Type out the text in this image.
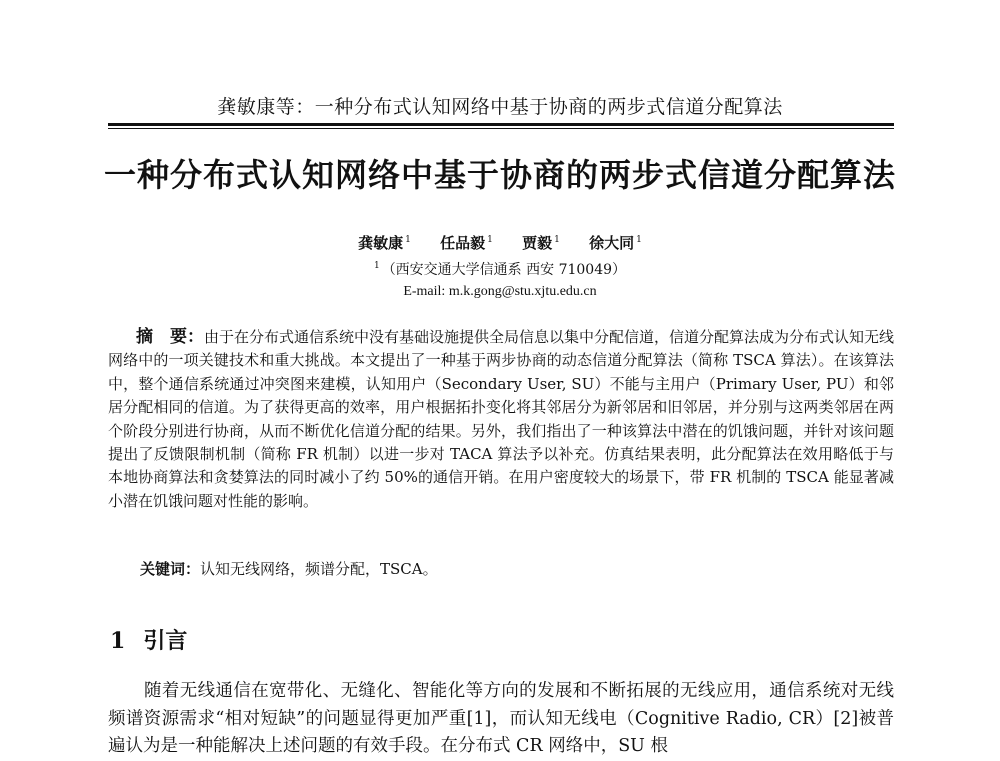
龚敏康等：一种分布式认知网络中基于协商的两步式信道分配算法
一种分布式认知网络中基于协商的两步式信道分配算法
龚敏康 $^1$ 任品毅 $^1$ 贾毅 $^1$ 徐大同 $^1$
$^1$ （西安交通大学信通系 西安 710049）
E-mail: m.k.gong@stu.xjtu.edu.cn
摘　要：由于在分布式通信系统中没有基础设施提供全局信息以集中分配信道，信道分配算法成为分布式认知无线网络中的一项关键技术和重大挑战。本文提出了一种基于两步协商的动态信道分配算法（简称 TSCA 算法）。在该算法中，整个通信系统通过冲突图来建模，认知用户（Secondary User, SU）不能与主用户（Primary User, PU）和邻居分配相同的信道。为了获得更高的效率，用户根据拓扑变化将其邻居分为新邻居和旧邻居，并分别与这两类邻居在两个阶段分别进行协商，从而不断优化信道分配的结果。另外，我们指出了一种该算法中潜在的饥饿问题，并针对该问题提出了反馈限制机制（简称 FR 机制）以进一步对 TACA 算法予以补充。仿真结果表明，此分配算法在效用略低于与本地协商算法和贪婪算法的同时减小了约 50%的通信开销。在用户密度较大的场景下，带 FR 机制的 TSCA 能显著减小潜在饥饿问题对性能的影响。
关键词：认知无线网络，频谱分配，TSCA。
1 引言
随着无线通信在宽带化、无缝化、智能化等方向的发展和不断拓展的无线应用，通信系统对无线频谱资源需求“相对短缺”的问题显得更加严重[1]，而认知无线电（Cognitive Radio, CR）[2]被普遍认为是一种能解决上述问题的有效手段。在分布式 CR 网络中，SU 根
